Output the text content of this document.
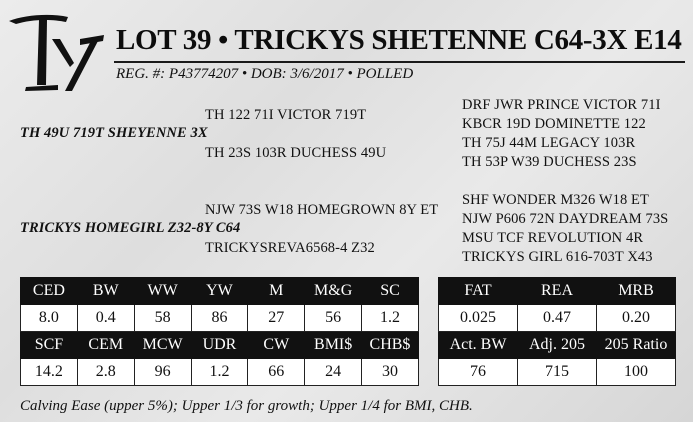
LOT 39 • TRICKYS SHETENNE C64-3X E14
REG. #: P43774207 • DOB: 3/6/2017 • POLLED
TH 49U 719T SHEYENNE 3X
TH 122 71I VICTOR 719T
TH 23S 103R DUCHESS 49U
DRF JWR PRINCE VICTOR 71I
KBCR 19D DOMINETTE 122
TH 75J 44M LEGACY 103R
TH 53P W39 DUCHESS 23S
TRICKYS HOMEGIRL Z32-8Y C64
NJW 73S W18 HOMEGROWN 8Y ET
TRICKYSREVA6568-4 Z32
SHF WONDER M326 W18 ET
NJW P606 72N DAYDREAM 73S
MSU TCF REVOLUTION 4R
TRICKYS GIRL 616-703T X43
CED	BW	WW	YW	M	M&G	SC
8.0	0.4	58	86	27	56	1.2
SCF	CEM	MCW	UDR	CW	BMI$	CHB$
14.2	2.8	96	1.2	66	24	30
FAT	REA	MRB
0.025	0.47	0.20
Act. BW	Adj. 205	205 Ratio
76	715	100
Calving Ease (upper 5%); Upper 1/3 for growth; Upper 1/4 for BMI, CHB.
